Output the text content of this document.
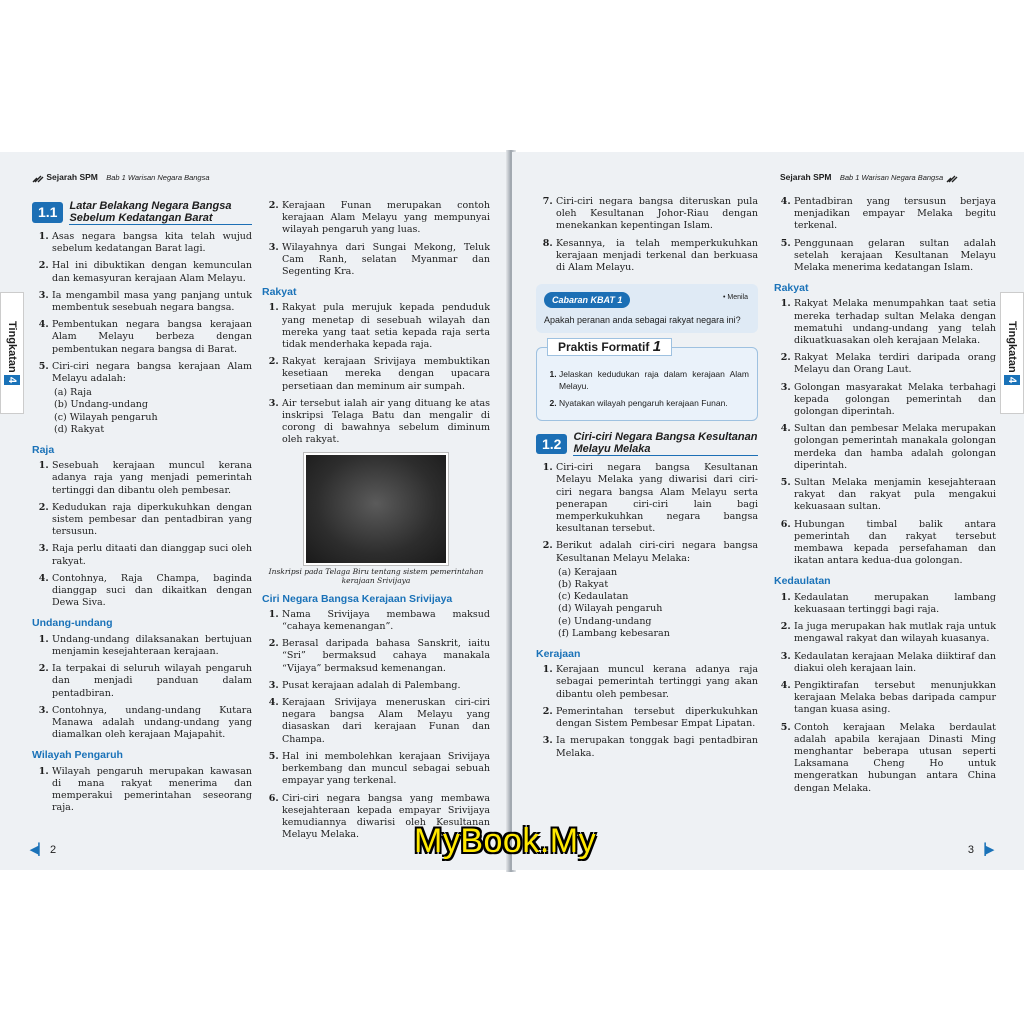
Sejarah SPM Bab 1 Warisan Negara Bangsa
Tingkatan 4
1.1	Latar Belakang Negara Bangsa Sebelum Kedatangan Barat
1. Asas negara bangsa kita telah wujud sebelum kedatangan Barat lagi.
2. Hal ini dibuktikan dengan kemunculan dan kemasyuran kerajaan Alam Melayu.
3. Ia mengambil masa yang panjang untuk membentuk sesebuah negara bangsa.
4. Pembentukan negara bangsa kerajaan Alam Melayu berbeza dengan pembentukan negara bangsa di Barat.
5. Ciri-ciri negara bangsa kerajaan Alam Melayu adalah:
(a) Raja
(b) Undang-undang
(c) Wilayah pengaruh
(d) Rakyat
Raja
1. Sesebuah kerajaan muncul kerana adanya raja yang menjadi pemerintah tertinggi dan dibantu oleh pembesar.
2. Kedudukan raja diperkukuhkan dengan sistem pembesar dan pentadbiran yang tersusun.
3. Raja perlu ditaati dan dianggap suci oleh rakyat.
4. Contohnya, Raja Champa, baginda dianggap suci dan dikaitkan dengan Dewa Siva.
Undang-undang
1. Undang-undang dilaksanakan bertujuan menjamin kesejahteraan kerajaan.
2. Ia terpakai di seluruh wilayah pengaruh dan menjadi panduan dalam pentadbiran.
3. Contohnya, undang-undang Kutara Manawa adalah undang-undang yang diamalkan oleh kerajaan Majapahit.
Wilayah Pengaruh
1. Wilayah pengaruh merupakan kawasan di mana rakyat menerima dan memperakui pemerintahan seseorang raja.
2. Kerajaan Funan merupakan contoh kerajaan Alam Melayu yang mempunyai wilayah pengaruh yang luas.
3. Wilayahnya dari Sungai Mekong, Teluk Cam Ranh, selatan Myanmar dan Segenting Kra.
Rakyat
1. Rakyat pula merujuk kepada penduduk yang menetap di sesebuah wilayah dan mereka yang taat setia kepada raja serta tidak menderhaka kepada raja.
2. Rakyat kerajaan Srivijaya membuktikan kesetiaan mereka dengan upacara persetiaan dan meminum air sumpah.
3. Air tersebut ialah air yang dituang ke atas inskripsi Telaga Batu dan mengalir di corong di bawahnya sebelum diminum oleh rakyat.
Inskripsi pada Telaga Biru tentang sistem pemerintahan kerajaan Srivijaya
Ciri Negara Bangsa Kerajaan Srivijaya
1. Nama Srivijaya membawa maksud “cahaya kemenangan”.
2. Berasal daripada bahasa Sanskrit, iaitu “Sri” bermaksud cahaya manakala “Vijaya” bermaksud kemenangan.
3. Pusat kerajaan adalah di Palembang.
4. Kerajaan Srivijaya meneruskan ciri-ciri negara bangsa Alam Melayu yang diasaskan dari kerajaan Funan dan Champa.
5. Hal ini membolehkan kerajaan Srivijaya berkembang dan muncul sebagai sebuah empayar yang terkenal.
6. Ciri-ciri negara bangsa yang membawa kesejahteraan kepada empayar Srivijaya kemudiannya diwarisi oleh Kesultanan Melayu Melaka.
◀▏ 2
Sejarah SPM Bab 1 Warisan Negara Bangsa
Tingkatan 4
7. Ciri-ciri negara bangsa diteruskan pula oleh Kesultanan Johor-Riau dengan menekankan kepentingan Islam.
8. Kesannya, ia telah memperkukuhkan kerajaan menjadi terkenal dan berkuasa di Alam Melayu.
Cabaran KBAT 1	• Menila
Apakah peranan anda sebagai rakyat negara ini?
Praktis Formatif 1
1. Jelaskan kedudukan raja dalam kerajaan Alam Melayu.
2. Nyatakan wilayah pengaruh kerajaan Funan.
1.2	Ciri-ciri Negara Bangsa Kesultanan Melayu Melaka
1. Ciri-ciri negara bangsa Kesultanan Melayu Melaka yang diwarisi dari ciri-ciri negara bangsa Alam Melayu serta penerapan ciri-ciri lain bagi memperkukuhkan negara bangsa kesultanan tersebut.
2. Berikut adalah ciri-ciri negara bangsa Kesultanan Melayu Melaka:
(a) Kerajaan
(b) Rakyat
(c) Kedaulatan
(d) Wilayah pengaruh
(e) Undang-undang
(f) Lambang kebesaran
Kerajaan
1. Kerajaan muncul kerana adanya raja sebagai pemerintah tertinggi yang akan dibantu oleh pembesar.
2. Pemerintahan tersebut diperkukuhkan dengan Sistem Pembesar Empat Lipatan.
3. Ia merupakan tonggak bagi pentadbiran Melaka.
4. Pentadbiran yang tersusun berjaya menjadikan empayar Melaka begitu terkenal.
5. Penggunaan gelaran sultan adalah setelah kerajaan Kesultanan Melayu Melaka menerima kedatangan Islam.
Rakyat
1. Rakyat Melaka menumpahkan taat setia mereka terhadap sultan Melaka dengan mematuhi undang-undang yang telah dikuatkuasakan oleh kerajaan Melaka.
2. Rakyat Melaka terdiri daripada orang Melayu dan Orang Laut.
3. Golongan masyarakat Melaka terbahagi kepada golongan pemerintah dan golongan diperintah.
4. Sultan dan pembesar Melaka merupakan golongan pemerintah manakala golongan merdeka dan hamba adalah golongan diperintah.
5. Sultan Melaka menjamin kesejahteraan rakyat dan rakyat pula mengakui kekuasaan sultan.
6. Hubungan timbal balik antara pemerintah dan rakyat tersebut membawa kepada persefahaman dan ikatan antara kedua-dua golongan.
Kedaulatan
1. Kedaulatan merupakan lambang kekuasaan tertinggi bagi raja.
2. Ia juga merupakan hak mutlak raja untuk mengawal rakyat dan wilayah kuasanya.
3. Kedaulatan kerajaan Melaka diiktiraf dan diakui oleh kerajaan lain.
4. Pengiktirafan tersebut menunjukkan kerajaan Melaka bebas daripada campur tangan kuasa asing.
5. Contoh kerajaan Melaka berdaulat adalah apabila kerajaan Dinasti Ming menghantar beberapa utusan seperti Laksamana Cheng Ho untuk mengeratkan hubungan antara China dengan Melaka.
3 ▕▶
MyBook.My
